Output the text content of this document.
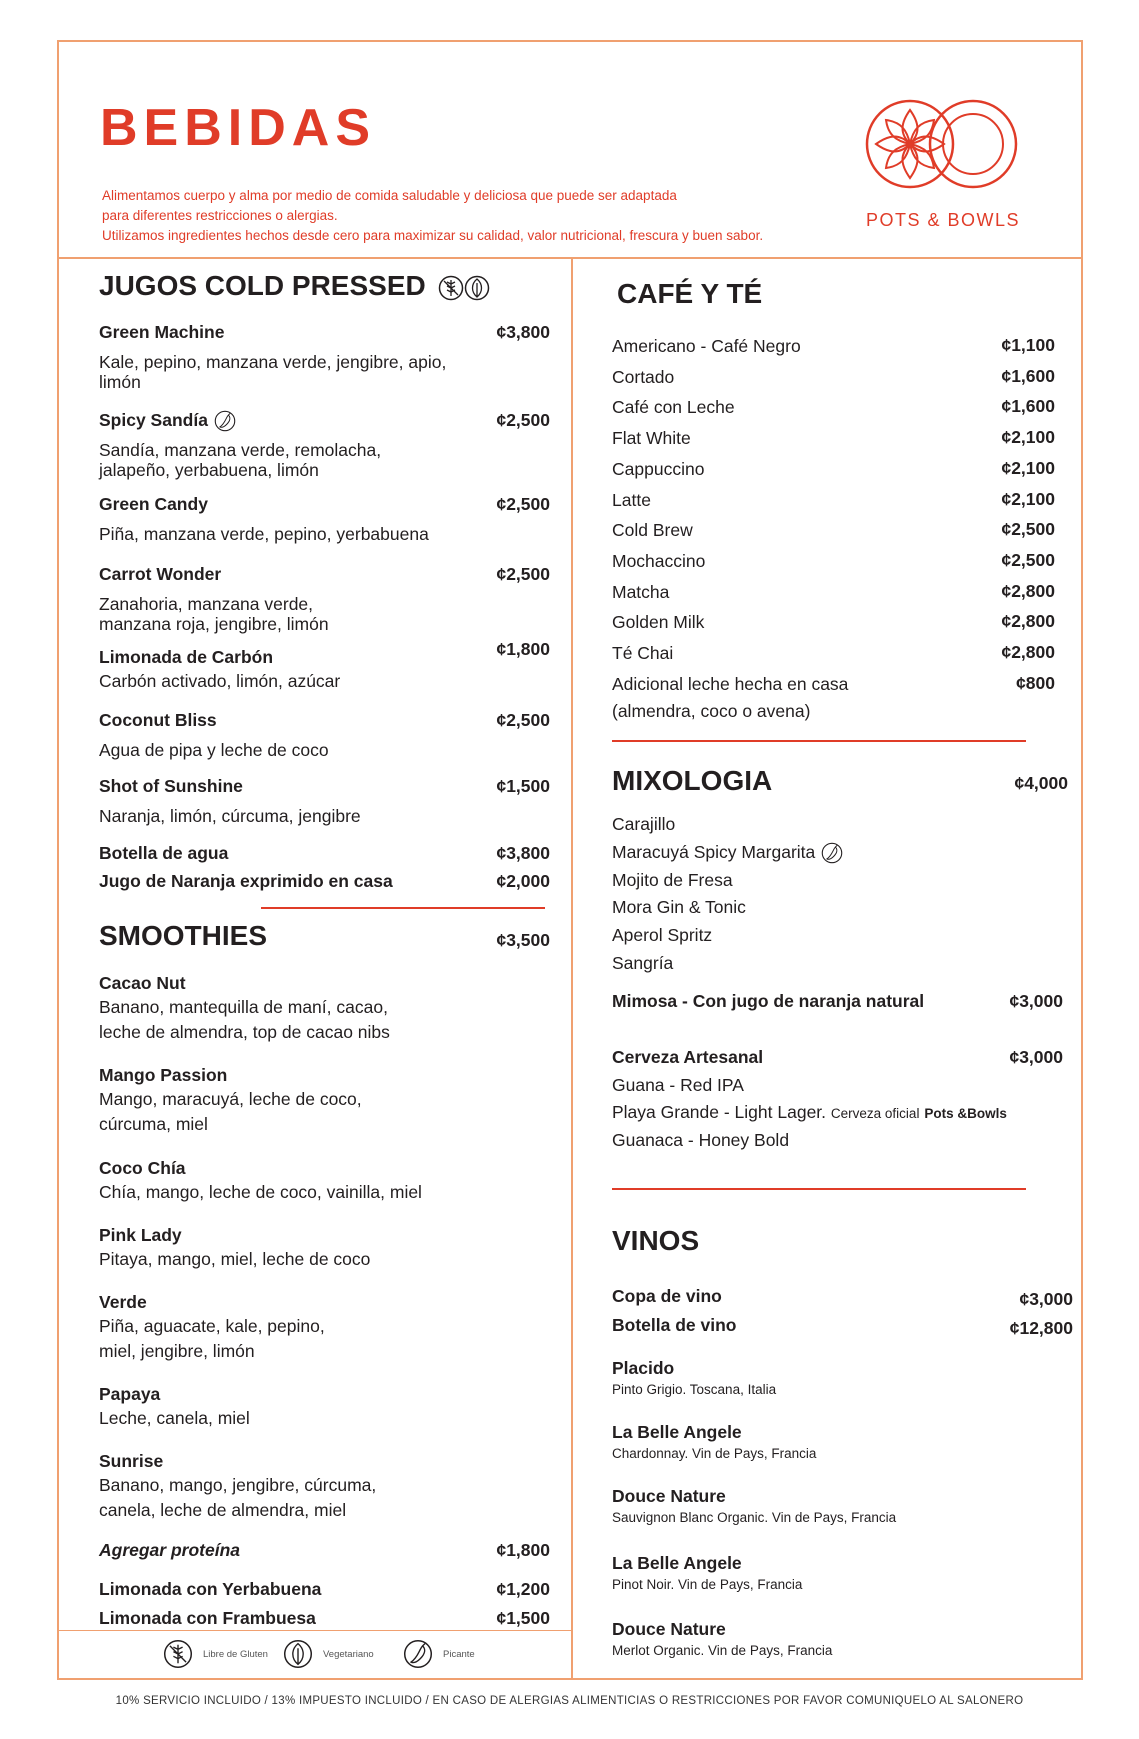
BEBIDAS
Alimentamos cuerpo y alma por medio de comida saludable y deliciosa que puede ser adaptada
para diferentes restricciones o alergias.
Utilizamos ingredientes hechos desde cero para maximizar su calidad, valor nutricional, frescura y buen sabor.
POTS & BOWLS
JUGOS COLD PRESSED
Green Machine	¢3,800
Kale, pepino, manzana verde, jengibre, apio,
limón
Spicy Sandía	¢2,500
Sandía, manzana verde, remolacha,
jalapeño, yerbabuena, limón
Green Candy	¢2,500
Piña, manzana verde, pepino, yerbabuena
Carrot Wonder	¢2,500
Zanahoria, manzana verde,
manzana roja, jengibre, limón
Limonada de Carbón	¢1,800
Carbón activado, limón, azúcar
Coconut Bliss	¢2,500
Agua de pipa y leche de coco
Shot of Sunshine	¢1,500
Naranja, limón, cúrcuma, jengibre
Botella de agua	¢3,800
Jugo de Naranja exprimido en casa	¢2,000
SMOOTHIES	¢3,500
Cacao Nut
Banano, mantequilla de maní, cacao,
leche de almendra, top de cacao nibs
Mango Passion
Mango, maracuyá, leche de coco,
cúrcuma, miel
Coco Chía
Chía, mango, leche de coco, vainilla, miel
Pink Lady
Pitaya, mango, miel, leche de coco
Verde
Piña, aguacate, kale, pepino,
miel, jengibre, limón
Papaya
Leche, canela, miel
Sunrise
Banano, mango, jengibre, cúrcuma,
canela, leche de almendra, miel
Agregar proteína	¢1,800
Limonada con Yerbabuena	¢1,200
Limonada con Frambuesa	¢1,500
Libre de Gluten	Vegetariano	Picante
CAFÉ Y TÉ
Americano - Café Negro	¢1,100
Cortado	¢1,600
Café con Leche	¢1,600
Flat White	¢2,100
Cappuccino	¢2,100
Latte	¢2,100
Cold Brew	¢2,500
Mochaccino	¢2,500
Matcha	¢2,800
Golden Milk	¢2,800
Té Chai	¢2,800
Adicional leche hecha en casa	¢800
(almendra, coco o avena)
MIXOLOGIA	¢4,000
Carajillo
Maracuyá Spicy Margarita
Mojito de Fresa
Mora Gin & Tonic
Aperol Spritz
Sangría
Mimosa - Con jugo de naranja natural	¢3,000
Cerveza Artesanal	¢3,000
Guana - Red IPA
Playa Grande - Light Lager. Cerveza oficial Pots &Bowls
Guanaca - Honey Bold
VINOS
Copa de vino	¢3,000
Botella de vino	¢12,800
Placido
Pinto Grigio. Toscana, Italia
La Belle Angele
Chardonnay. Vin de Pays, Francia
Douce Nature
Sauvignon Blanc Organic. Vin de Pays, Francia
La Belle Angele
Pinot Noir. Vin de Pays, Francia
Douce Nature
Merlot Organic. Vin de Pays, Francia
10% SERVICIO INCLUIDO / 13% IMPUESTO INCLUIDO / EN CASO DE ALERGIAS ALIMENTICIAS O RESTRICCIONES POR FAVOR COMUNIQUELO AL SALONERO
